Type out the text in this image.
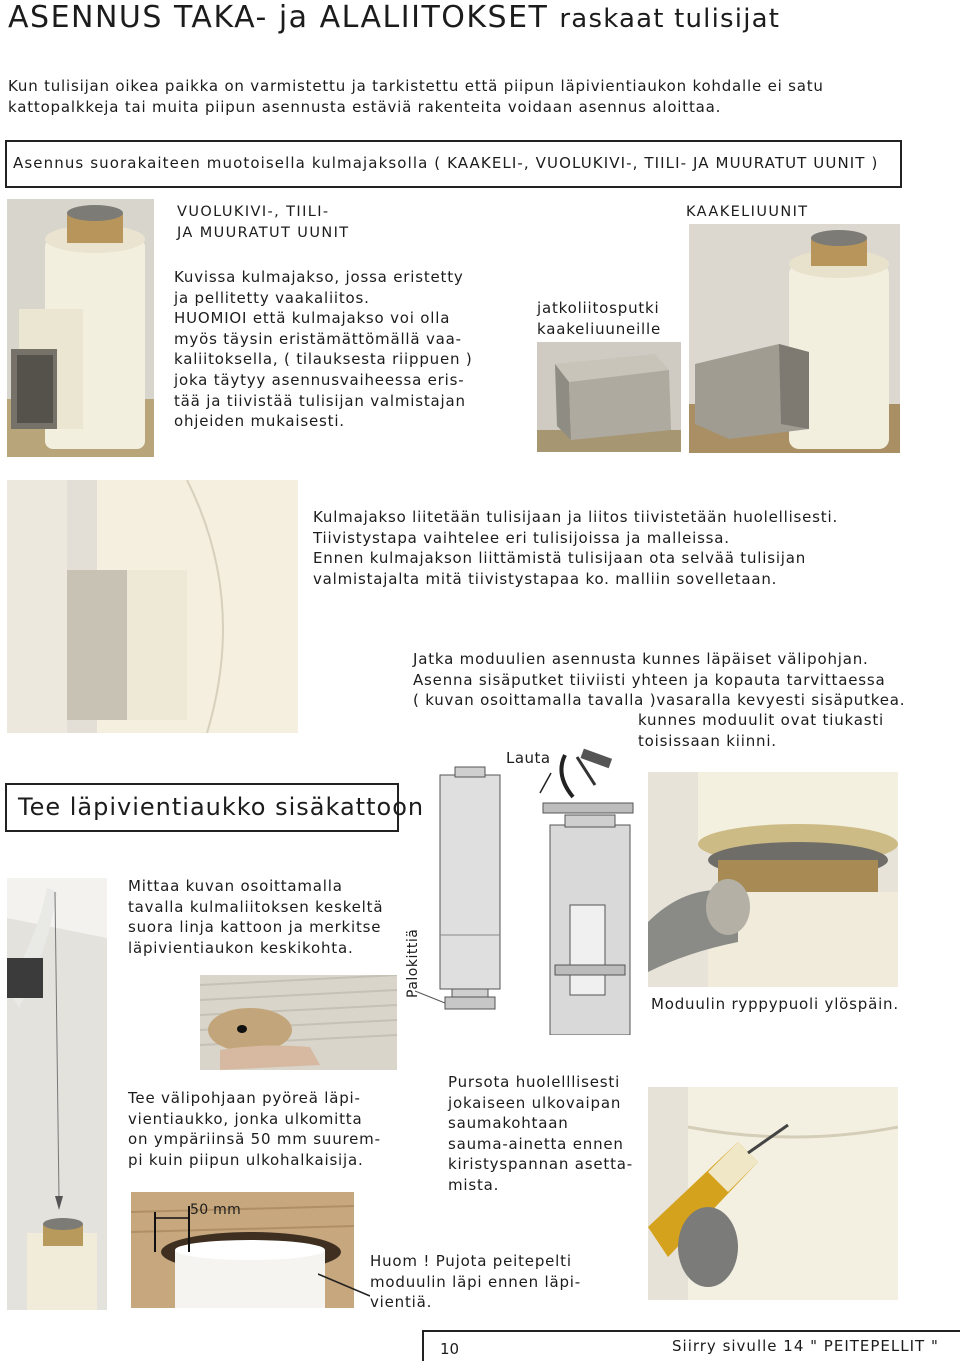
ASENNUS TAKA- ja ALALIITOKSET raskaat tulisijat
Kun tulisijan oikea paikka on varmistettu ja tarkistettu että piipun läpivientiaukon kohdalle ei satu
kattopalkkeja tai muita piipun asennusta estäviä rakenteita voidaan asennus aloittaa.
Asennus suorakaiteen muotoisella kulmajaksolla ( KAAKELI-, VUOLUKIVI-, TIILI- JA MUURATUT UUNIT )
VUOLUKIVI-, TIILI-
JA MUURATUT UUNIT
KAAKELIUUNIT
Kuvissa kulmajakso, jossa eristetty
ja pellitetty vaakaliitos.
HUOMIOI että kulmajakso voi olla
myös täysin eristämättömällä vaa-
kaliitoksella, ( tilauksesta riippuen )
joka täytyy asennusvaiheessa eris-
tää ja tiivistää tulisijan valmistajan
ohjeiden mukaisesti.
jatkoliitosputki
kaakeliuuneille
Kulmajakso liitetään tulisijaan ja liitos tiivistetään huolellisesti.
Tiivistystapa vaihtelee eri tulisijoissa ja malleissa.
Ennen kulmajakson liittämistä tulisijaan ota selvää tulisijan
valmistajalta mitä tiivistystapaa ko. malliin sovelletaan.
Jatka moduulien asennusta kunnes läpäiset välipohjan.
Asenna sisäputket tiiviisti yhteen ja kopauta tarvittaessa
( kuvan osoittamalla tavalla )vasaralla kevyesti sisäputkea.
kunnes moduulit ovat tiukasti
toisissaan kiinni.
Lauta
Palokittiä
Moduulin ryppypuoli ylöspäin.
Tee läpivientiaukko sisäkattoon
Mittaa kuvan osoittamalla
tavalla kulmaliitoksen keskeltä
suora linja kattoon ja merkitse
läpivientiaukon keskikohta.
Tee välipohjaan pyöreä läpi-
vientiaukko, jonka ulkomitta
on ympäriinsä 50 mm suurem-
pi kuin piipun ulkohalkaisija.
Pursota huolelllisesti
jokaiseen ulkovaipan
saumakohtaan
sauma-ainetta ennen
kiristyspannan asetta-
mista.
50 mm
Huom ! Pujota peitepelti
moduulin läpi ennen läpi-
vientiä.
10	Siirry sivulle 14 " PEITEPELLIT "
